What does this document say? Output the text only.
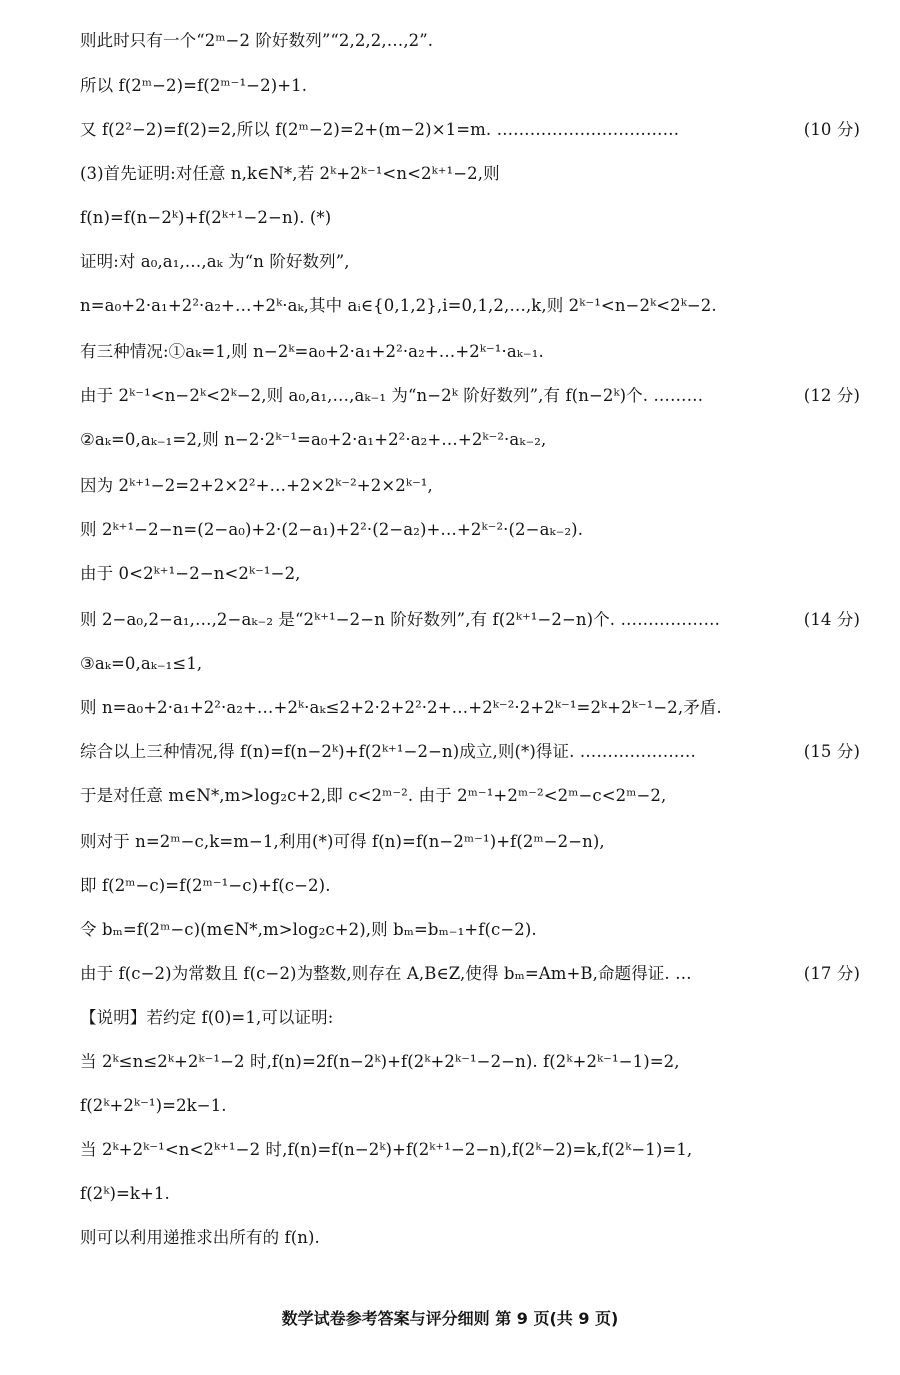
则此时只有一个“2ᵐ−2 阶好数列”“2,2,2,…,2”.
所以 f(2ᵐ−2)=f(2ᵐ⁻¹−2)+1.
(10 分)
又 f(2²−2)=f(2)=2,所以 f(2ᵐ−2)=2+(m−2)×1=m. ……………………………
(3)首先证明:对任意 n,k∈N*,若 2ᵏ+2ᵏ⁻¹<n<2ᵏ⁺¹−2,则
f(n)=f(n−2ᵏ)+f(2ᵏ⁺¹−2−n). (*)
证明:对 a₀,a₁,…,aₖ 为“n 阶好数列”,
n=a₀+2·a₁+2²·a₂+…+2ᵏ·aₖ,其中 aᵢ∈{0,1,2},i=0,1,2,…,k,则 2ᵏ⁻¹<n−2ᵏ<2ᵏ−2.
有三种情况:①aₖ=1,则 n−2ᵏ=a₀+2·a₁+2²·a₂+…+2ᵏ⁻¹·aₖ₋₁.
(12 分)
由于 2ᵏ⁻¹<n−2ᵏ<2ᵏ−2,则 a₀,a₁,…,aₖ₋₁ 为“n−2ᵏ 阶好数列”,有 f(n−2ᵏ)个. ………
②aₖ=0,aₖ₋₁=2,则 n−2·2ᵏ⁻¹=a₀+2·a₁+2²·a₂+…+2ᵏ⁻²·aₖ₋₂,
因为 2ᵏ⁺¹−2=2+2×2²+…+2×2ᵏ⁻²+2×2ᵏ⁻¹,
则 2ᵏ⁺¹−2−n=(2−a₀)+2·(2−a₁)+2²·(2−a₂)+…+2ᵏ⁻²·(2−aₖ₋₂).
由于 0<2ᵏ⁺¹−2−n<2ᵏ⁻¹−2,
(14 分)
则 2−a₀,2−a₁,…,2−aₖ₋₂ 是“2ᵏ⁺¹−2−n 阶好数列”,有 f(2ᵏ⁺¹−2−n)个. ………………
③aₖ=0,aₖ₋₁≤1,
则 n=a₀+2·a₁+2²·a₂+…+2ᵏ·aₖ≤2+2·2+2²·2+…+2ᵏ⁻²·2+2ᵏ⁻¹=2ᵏ+2ᵏ⁻¹−2,矛盾.
(15 分)
综合以上三种情况,得 f(n)=f(n−2ᵏ)+f(2ᵏ⁺¹−2−n)成立,则(*)得证. …………………
于是对任意 m∈N*,m>log₂c+2,即 c<2ᵐ⁻². 由于 2ᵐ⁻¹+2ᵐ⁻²<2ᵐ−c<2ᵐ−2,
则对于 n=2ᵐ−c,k=m−1,利用(*)可得 f(n)=f(n−2ᵐ⁻¹)+f(2ᵐ−2−n),
即 f(2ᵐ−c)=f(2ᵐ⁻¹−c)+f(c−2).
令 bₘ=f(2ᵐ−c)(m∈N*,m>log₂c+2),则 bₘ=bₘ₋₁+f(c−2).
(17 分)
由于 f(c−2)为常数且 f(c−2)为整数,则存在 A,B∈Z,使得 bₘ=Am+B,命题得证. …
【说明】若约定 f(0)=1,可以证明:
当 2ᵏ≤n≤2ᵏ+2ᵏ⁻¹−2 时,f(n)=2f(n−2ᵏ)+f(2ᵏ+2ᵏ⁻¹−2−n). f(2ᵏ+2ᵏ⁻¹−1)=2,
f(2ᵏ+2ᵏ⁻¹)=2k−1.
当 2ᵏ+2ᵏ⁻¹<n<2ᵏ⁺¹−2 时,f(n)=f(n−2ᵏ)+f(2ᵏ⁺¹−2−n),f(2ᵏ−2)=k,f(2ᵏ−1)=1,
f(2ᵏ)=k+1.
则可以利用递推求出所有的 f(n).
数学试卷参考答案与评分细则 第 9 页(共 9 页)
